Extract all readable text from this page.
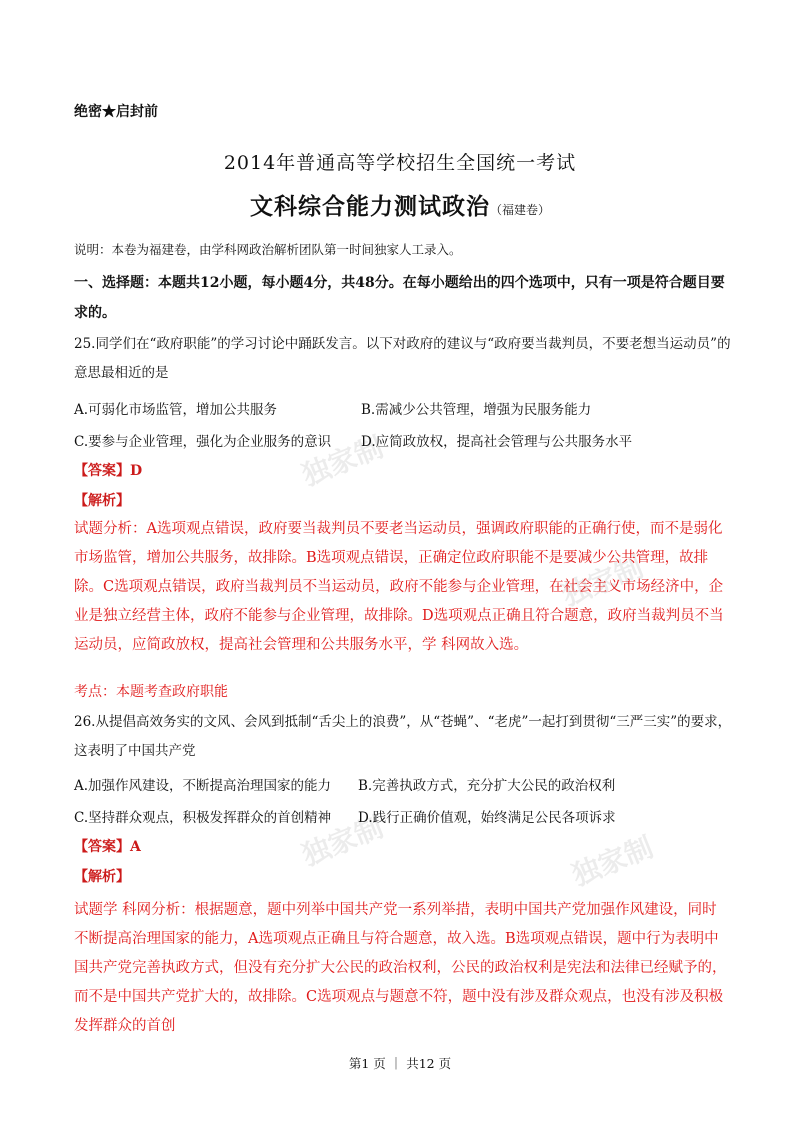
独家制
独家制
独家制	独家制
绝密★启封前
2014年普通高等学校招生全国统一考试
文科综合能力测试政治（福建卷）
说明：本卷为福建卷，由学科网政治解析团队第一时间独家人工录入。
一、选择题：本题共12小题，每小题4分，共48分。在每小题给出的四个选项中，只有一项是符合题目要求的。
25.同学们在“政府职能”的学习讨论中踊跃发言。以下对政府的建议与“政府要当裁判员，不要老想当运动员”的意思最相近的是
A.可弱化市场监管，增加公共服务	B.需减少公共管理，增强为民服务能力
C.要参与企业管理，强化为企业服务的意识 D.应简政放权，提高社会管理与公共服务水平
【答案】D
【解析】
试题分析：A选项观点错误，政府要当裁判员不要老当运动员，强调政府职能的正确行使，而不是弱化市场监管，增加公共服务，故排除。B选项观点错误，正确定位政府职能不是要减少公共管理，故排除。C选项观点错误，政府当裁判员不当运动员，政府不能参与企业管理，在社会主义市场经济中，企业是独立经营主体，政府不能参与企业管理，故排除。D选项观点正确且符合题意，政府当裁判员不当运动员，应简政放权，提高社会管理和公共服务水平，学 科网故入选。
考点：本题考查政府职能
26.从提倡高效务实的文风、会风到抵制“舌尖上的浪费”，从“苍蝇”、“老虎”一起打到贯彻“三严三实”的要求，这表明了中国共产党
A.加强作风建设，不断提高治理国家的能力 B.完善执政方式，充分扩大公民的政治权利
C.坚持群众观点，积极发挥群众的首创精神 D.践行正确价值观，始终满足公民各项诉求
【答案】A
【解析】
试题学 科网分析：根据题意，题中列举中国共产党一系列举措，表明中国共产党加强作风建设，同时不断提高治理国家的能力，A选项观点正确且与符合题意，故入选。B选项观点错误，题中行为表明中国共产党完善执政方式，但没有充分扩大公民的政治权利，公民的政治权利是宪法和法律已经赋予的，而不是中国共产党扩大的，故排除。C选项观点与题意不符，题中没有涉及群众观点，也没有涉及积极发挥群众的首创
第1 页 ｜ 共12 页
